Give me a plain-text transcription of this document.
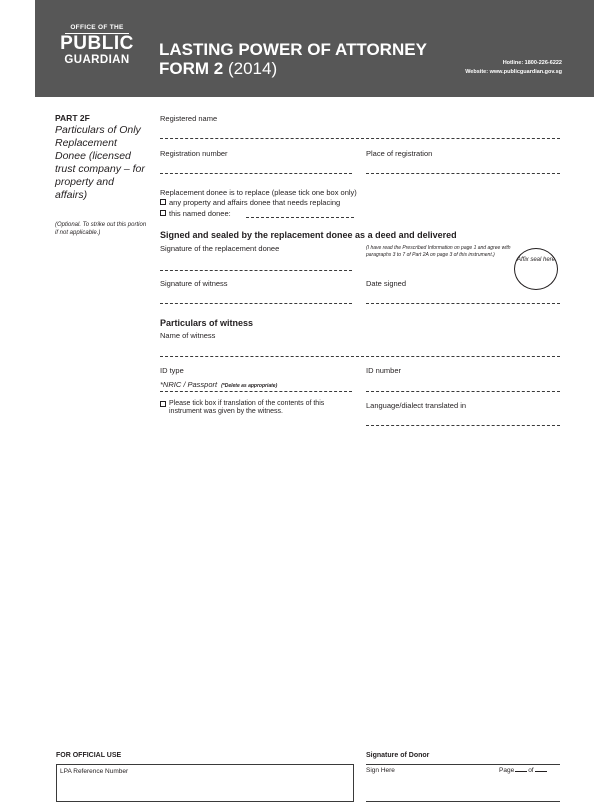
OFFICE OF THE
PUBLIC
GUARDIAN
LASTING POWER OF ATTORNEY
FORM 2 (2014)	Hotline: 1800-226-6222
Website: www.publicguardian.gov.sg
PART 2F
Particulars of Only Replacement Donee (licensed trust company – for property and affairs)
(Optional. To strike out this portion if not applicable.)
Registered name
Registration number	Place of registration
Replacement donee is to replace (please tick one box only)
any property and affairs donee that needs replacing
this named donee:
Signed and sealed by the replacement donee as a deed and delivered
Signature of the replacement donee	(I have read the Prescribed Information on page 1 and agree with paragraphs 3 to 7 of Part 2A on page 3 of this instrument.)
Affix seal here
Signature of witness	Date signed
Particulars of witness
Name of witness
ID type	ID number
*NRIC / Passport (*Delete as appropriate)
Please tick box if translation of the contents of this instrument was given by the witness.
Language/dialect translated in
FOR OFFICIAL USE
LPA Reference Number
Signature of Donor
Sign Here	Page of
